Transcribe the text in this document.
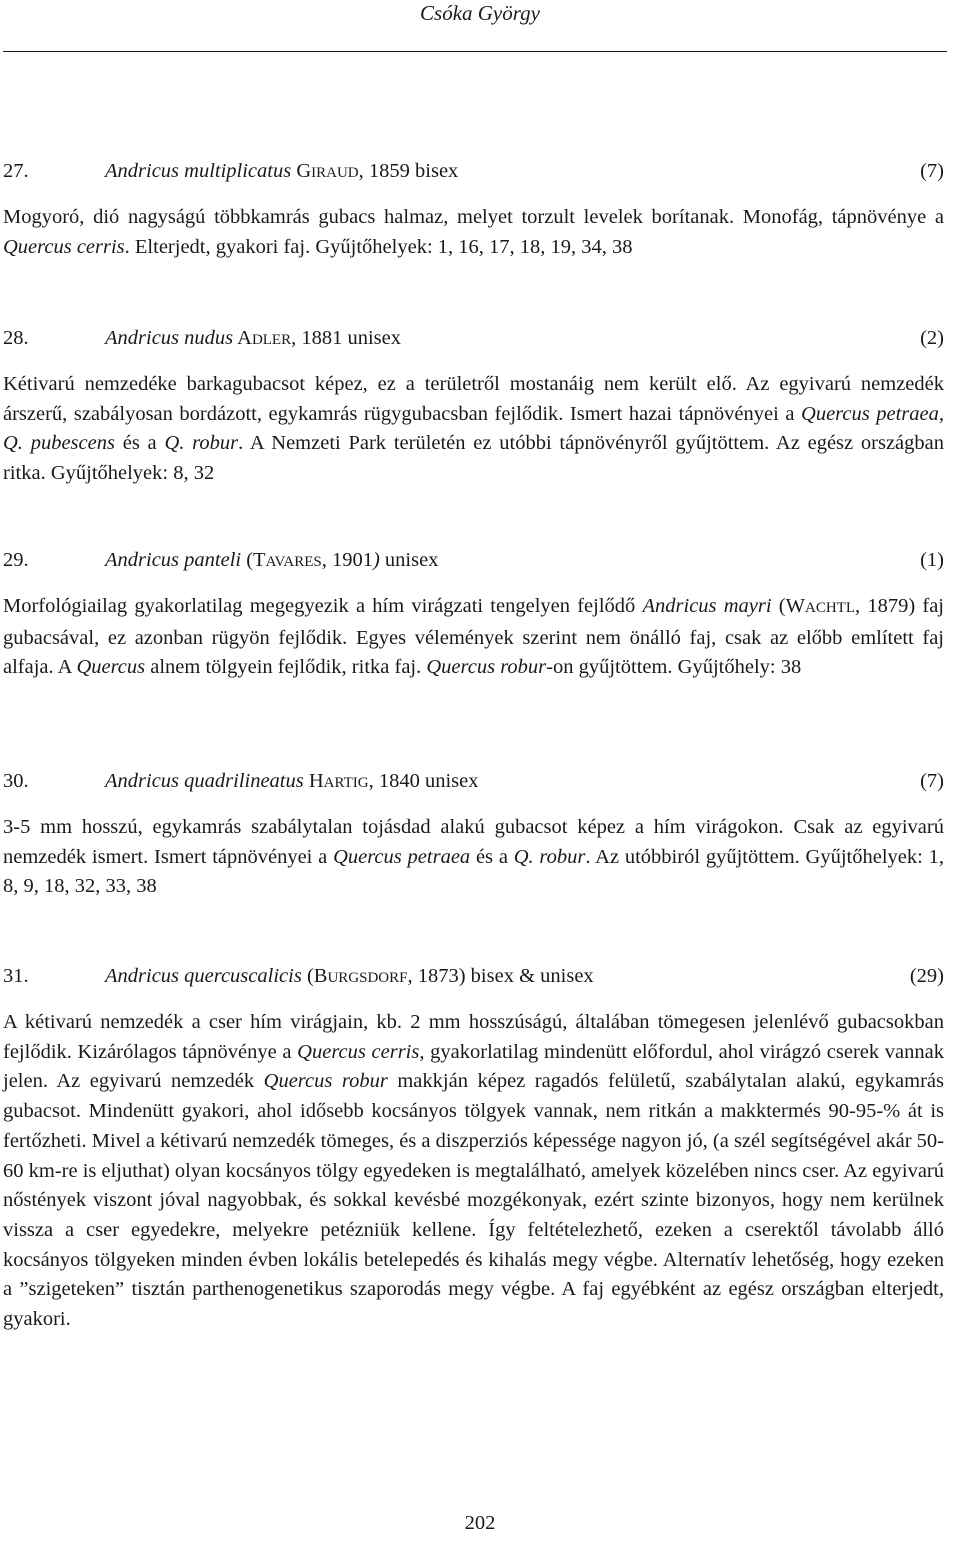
Csóka György
27.	Andricus multiplicatus GIRAUD, 1859 bisex	(7)
Mogyoró, dió nagyságú többkamrás gubacs halmaz, melyet torzult levelek borítanak. Monofág, tápnövénye a Quercus cerris. Elterjedt, gyakori faj. Gyűjtőhelyek: 1, 16, 17, 18, 19, 34, 38
28.	Andricus nudus ADLER, 1881 unisex	(2)
Kétivarú nemzedéke barkagubacsot képez, ez a területről mostanáig nem került elő. Az egyivarú nemzedék árszerű, szabályosan bordázott, egykamrás rügygubacsban fejlődik. Ismert hazai tápnövényei a Quercus petraea, Q. pubescens és a Q. robur. A Nemzeti Park területén ez utóbbi tápnövényről gyűjtöttem. Az egész országban ritka. Gyűjtőhelyek: 8, 32
29.	Andricus panteli (TAVARES, 1901) unisex	(1)
Morfológiailag gyakorlatilag megegyezik a hím virágzati tengelyen fejlődő Andricus mayri (WACHTL, 1879) faj gubacsával, ez azonban rügyön fejlődik. Egyes vélemények szerint nem önálló faj, csak az előbb említett faj alfaja. A Quercus alnem tölgyein fejlődik, ritka faj. Quercus robur-on gyűjtöttem. Gyűjtőhely: 38
30.	Andricus quadrilineatus HARTIG, 1840 unisex	(7)
3-5 mm hosszú, egykamrás szabálytalan tojásdad alakú gubacsot képez a hím virágokon. Csak az egyivarú nemzedék ismert. Ismert tápnövényei a Quercus petraea és a Q. robur. Az utóbbiról gyűjtöttem. Gyűjtőhelyek: 1, 8, 9, 18, 32, 33, 38
31.	Andricus quercuscalicis (BURGSDORF, 1873) bisex & unisex	(29)
A kétivarú nemzedék a cser hím virágjain, kb. 2 mm hosszúságú, általában tömegesen jelenlévő gubacsokban fejlődik. Kizárólagos tápnövénye a Quercus cerris, gyakorlatilag mindenütt előfordul, ahol virágzó cserek vannak jelen. Az egyivarú nemzedék Quercus robur makkján képez ragadós felületű, szabálytalan alakú, egykamrás gubacsot. Mindenütt gyakori, ahol idősebb kocsányos tölgyek vannak, nem ritkán a makktermés 90-95-% át is fertőzheti. Mivel a kétivarú nemzedék tömeges, és a diszperziós képessége nagyon jó, (a szél segítségével akár 50-60 km-re is eljuthat) olyan kocsányos tölgy egyedeken is megtalálható, amelyek közelében nincs cser. Az egyivarú nőstények viszont jóval nagyobbak, és sokkal kevésbé mozgékonyak, ezért szinte bizonyos, hogy nem kerülnek vissza a cser egyedekre, melyekre petézniük kellene. Így feltételezhető, ezeken a cserektől távolabb álló kocsányos tölgyeken minden évben lokális betelepedés és kihalás megy végbe. Alternatív lehetőség, hogy ezeken a ”szigeteken” tisztán parthenogenetikus szaporodás megy végbe. A faj egyébként az egész országban elterjedt, gyakori.
202
